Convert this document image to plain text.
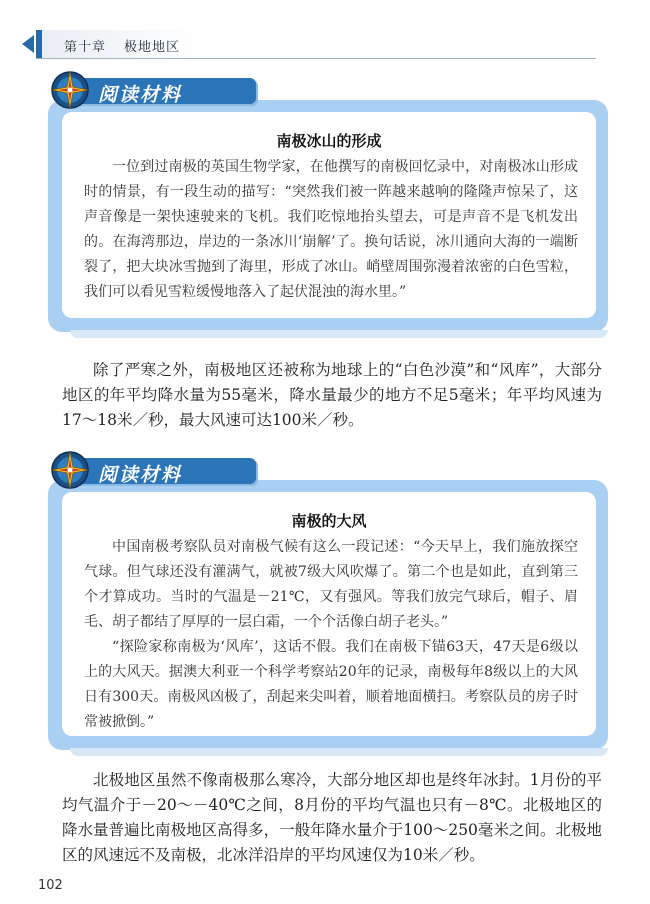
第十章 极地地区
南极冰山的形成

一位到过南极的英国生物学家，在他撰写的南极回忆录中，对南极冰山形成时的情景，有一段生动的描写：“突然我们被一阵越来越响的隆隆声惊呆了，这声音像是一架快速驶来的飞机。我们吃惊地抬头望去，可是声音不是飞机发出的。在海湾那边，岸边的一条冰川‘崩解’了。换句话说，冰川通向大海的一端断裂了，把大块冰雪抛到了海里，形成了冰山。峭壁周围弥漫着浓密的白色雪粒，我们可以看见雪粒缓慢地落入了起伏混浊的海水里。”

阅读材料

除了严寒之外，南极地区还被称为地球上的“白色沙漠”和“风库”，大部分地区的年平均降水量为55毫米，降水量最少的地方不足5毫米；年平均风速为17～18米／秒，最大风速可达100米／秒。

南极的大风

中国南极考察队员对南极气候有这么一段记述：“今天早上，我们施放探空气球。但气球还没有灌满气，就被7级大风吹爆了。第二个也是如此，直到第三个才算成功。当时的气温是－21℃，又有强风。等我们放完气球后，帽子、眉毛、胡子都结了厚厚的一层白霜，一个个活像白胡子老头。”

“探险家称南极为‘风库’，这话不假。我们在南极下锚63天，47天是6级以上的大风天。据澳大利亚一个科学考察站20年的记录，南极每年8级以上的大风日有300天。南极风凶极了，刮起来尖叫着，顺着地面横扫。考察队员的房子时常被掀倒。”

阅读材料

北极地区虽然不像南极那么寒冷，大部分地区却也是终年冰封。1月份的平均气温介于－20～－40℃之间，8月份的平均气温也只有－8℃。北极地区的降水量普遍比南极地区高得多，一般年降水量介于100～250毫米之间。北极地区的风速远不及南极，北冰洋沿岸的平均风速仅为10米／秒。

102
